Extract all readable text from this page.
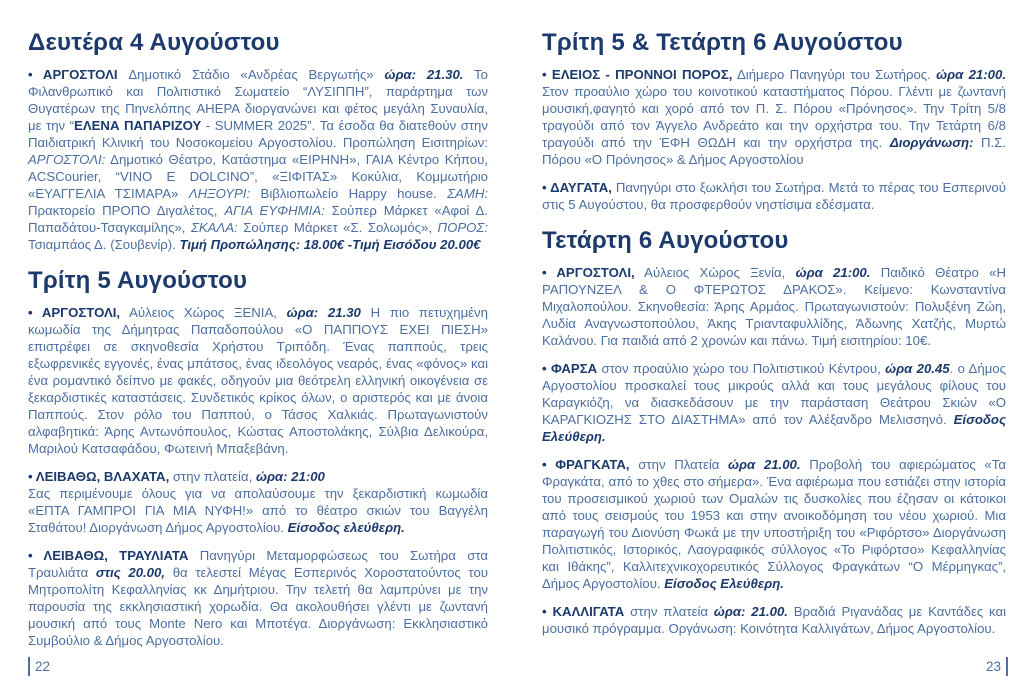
Δευτέρα 4 Αυγούστου

• ΑΡΓΟΣΤΟΛΙ Δημοτικό Στάδιο «Ανδρέας Βεργωτής» ώρα: 21.30. Το Φιλανθρωπικό και Πολιτιστικό Σωματείο “ΛΥΣΙΠΠΗ”, παράρτημα των Θυγατέρων της Πηνελόπης AHEPA διοργανώνει και φέτος μεγάλη Συναυλία, με την “ΕΛΕΝΑ ΠΑΠΑΡΙΖΟΥ - SUMMER 2025”. Τα έσοδα θα διατεθούν στην Παιδιατρική Κλινική του Νοσοκομείου Αργοστολίου. Προπώληση Εισιτηρίων: ΑΡΓΟΣΤΟΛΙ: Δημοτικό Θέατρο, Κατάστημα «ΕΙΡΗΝΗ», ΓΑΙΑ Κέντρο Κήπου, ACSCourier, “VINO E DOLCINO”, «ΞΙΦΙΤΑΣ» Κοκύλια, Κομμωτήριο «ΕΥΑΓΓΕΛΙΑ ΤΣΙΜΑΡΑ» ΛΗΞΟΥΡΙ: Βιβλιοπωλείο Happy house. ΣΑΜΗ: Πρακτορείο ΠΡΟΠΟ Διγαλέτος, ΑΓΙΑ ΕΥΦΗΜΙΑ: Σούπερ Μάρκετ «Αφοί Δ. Παπαδάτου-Τσαγκαμίλης», ΣΚΑΛΑ: Σούπερ Μάρκετ «Σ. Σολωμός», ΠΟΡΟΣ: Τσιαμπάος Δ. (Σουβενίρ). Τιμή Προπώλησης: 18.00€ -Τιμή Εισόδου 20.00€

Τρίτη 5 Αυγούστου

• ΑΡΓΟΣΤΟΛΙ, Αύλειος Χώρος ΞΕΝΙΑ, ώρα: 21.30 Η πιο πετυχημένη κωμωδία της Δήμητρας Παπαδοπούλου «Ο ΠΑΠΠΟΥΣ ΕΧΕΙ ΠΙΕΣΗ» επιστρέφει σε σκηνοθεσία Χρήστου Τριπόδη. Ένας παππούς, τρεις εξωφρενικές εγγονές, ένας μπάτσος, ένας ιδεολόγος νεαρός, ένας «φόνος» και ένα ρομαντικό δείπνο με φακές, οδηγούν μια θεότρελη ελληνική οικογένεια σε ξεκαρδιστικές καταστάσεις. Συνδετικός κρίκος όλων, ο αριστερός και με άνοια Παππούς. Στον ρόλο του Παππού, ο Τάσος Χαλκιάς. Πρωταγωνιστούν αλφαβητικά: Άρης Αντωνόπουλος, Κώστας Αποστολάκης, Σύλβια Δελικούρα, Μαριλού Κατσαφάδου, Φωτεινή Μπαξεβάνη.

• ΛΕΙΒΑΘΩ, ΒΛΑΧΑΤΑ, στην πλατεία, ώρα: 21:00
Σας περιμένουμε όλους για να απολαύσουμε την ξεκαρδιστική κωμωδία «ΕΠΤΑ ΓΑΜΠΡΟΙ ΓΙΑ ΜΙΑ ΝΥΦΗ!» από το θέατρο σκιών του Βαγγέλη Σταθάτου! Διοργάνωση Δήμος Αργοστολίου. Είσοδος ελεύθερη.

• ΛΕΙΒΑΘΩ, ΤΡΑΥΛΙΑΤΑ Πανηγύρι Μεταμορφώσεως του Σωτήρα στα Τραυλιάτα στις 20.00, θα τελεστεί Μέγας Εσπερινός Χοροστατούντος του Μητροπολίτη Κεφαλληνίας κκ Δημήτριου. Την τελετή θα λαμπρύνει με την παρουσία της εκκλησιαστική χορωδία. Θα ακολουθήσει γλέντι με ζωντανή μουσική από τους Monte Nero και Μποτέγα. Διοργάνωση: Εκκλησιαστικό Συμβούλιο & Δήμος Αργοστολίου.

22
Τρίτη 5 & Τετάρτη 6 Αυγούστου

• ΕΛΕΙΟΣ - ΠΡΟΝΝΟΙ ΠΟΡΟΣ, Διήμερο Πανηγύρι του Σωτήρος. ώρα 21:00. Στον προαύλιο χώρο του κοινοτικού καταστήματος Πόρου. Γλέντι με ζωντανή μουσική,φαγητό και χορό από τον Π. Σ. Πόρου «Πρόνησος». Την Τρίτη 5/8 τραγούδι από τον Άγγελο Ανδρεάτο και την ορχήστρα του. Την Τετάρτη 6/8 τραγούδι από την ΈΦΗ ΘΩΔΗ και την ορχήστρα της. Διοργάνωση: Π.Σ. Πόρου «Ο Πρόνησος» & Δήμος Αργοστολίου

• ΔΑΥΓΑΤΑ, Πανηγύρι στο ξωκλήσι του Σωτήρα. Μετά το πέρας του Εσπερινού στις 5 Αυγούστου, θα προσφερθούν νηστίσιμα εδέσματα.

Τετάρτη 6 Αυγούστου

• ΑΡΓΟΣΤΟΛΙ, Αύλειος Χώρος Ξενία, ώρα 21:00. Παιδικό Θέατρο «Η ΡΑΠΟΥΝΖΕΛ & Ο ΦΤΕΡΩΤΟΣ ΔΡΑΚΟΣ». Κείμενο: Κωνσταντίνα Μιχαλοπούλου. Σκηνοθεσία: Άρης Αρμάος. Πρωταγωνιστούν: Πολυξένη Ζώη, Λυδία Αναγνωστοπούλου, Άκης Τριανταφυλλίδης, Άδωνης Χατζής, Μυρτώ Καλάνου. Για παιδιά από 2 χρονών και πάνω. Τιμή εισιτηρίου: 10€.

• ΦΑΡΣΑ στον προαύλιο χώρο του Πολιτιστικού Κέντρου, ώρα 20.45. ο Δήμος Αργοστολίου προσκαλεί τους μικρούς αλλά και τους μεγάλους φίλους του Καραγκιόζη, να διασκεδάσουν με την παράσταση Θεάτρου Σκιών «Ο ΚΑΡΑΓΚΙΟΖΗΣ ΣΤΟ ΔΙΑΣΤΗΜΑ» από τον Αλέξανδρο Μελισσηνό. Είσοδος Ελεύθερη.

• ΦΡΑΓΚΑΤΑ, στην Πλατεία ώρα 21.00. Προβολή του αφιερώματος «Τα Φραγκάτα, από το χθες στο σήμερα». Ένα αφιέρωμα που εστιάζει στην ιστορία του προσεισμικού χωριού των Ομαλών τις δυσκολίες που έζησαν οι κάτοικοι από τους σεισμούς του 1953 και στην ανοικοδόμηση του νέου χωριού. Μια παραγωγή του Διονύση Φωκά με την υποστήριξη του «Ριφόρτσο» Διοργάνωση Πολιτιστικός, Ιστορικός, Λαογραφικός σύλλογος «Το Ριφόρτσο» Κεφαλληνίας και Ιθάκης”, Καλλιτεχνικοχορευτικός Σύλλογος Φραγκάτων “Ο Μέρμηγκας”, Δήμος Αργοστολίου. Είσοδος Ελεύθερη.

• ΚΑΛΛΙΓΑΤΑ στην πλατεία ώρα: 21.00. Βραδιά Ριγανάδας με Καντάδες και μουσικό πρόγραμμα. Οργάνωση: Κοινότητα Καλλιγάτων, Δήμος Αργοστολίου.

23
